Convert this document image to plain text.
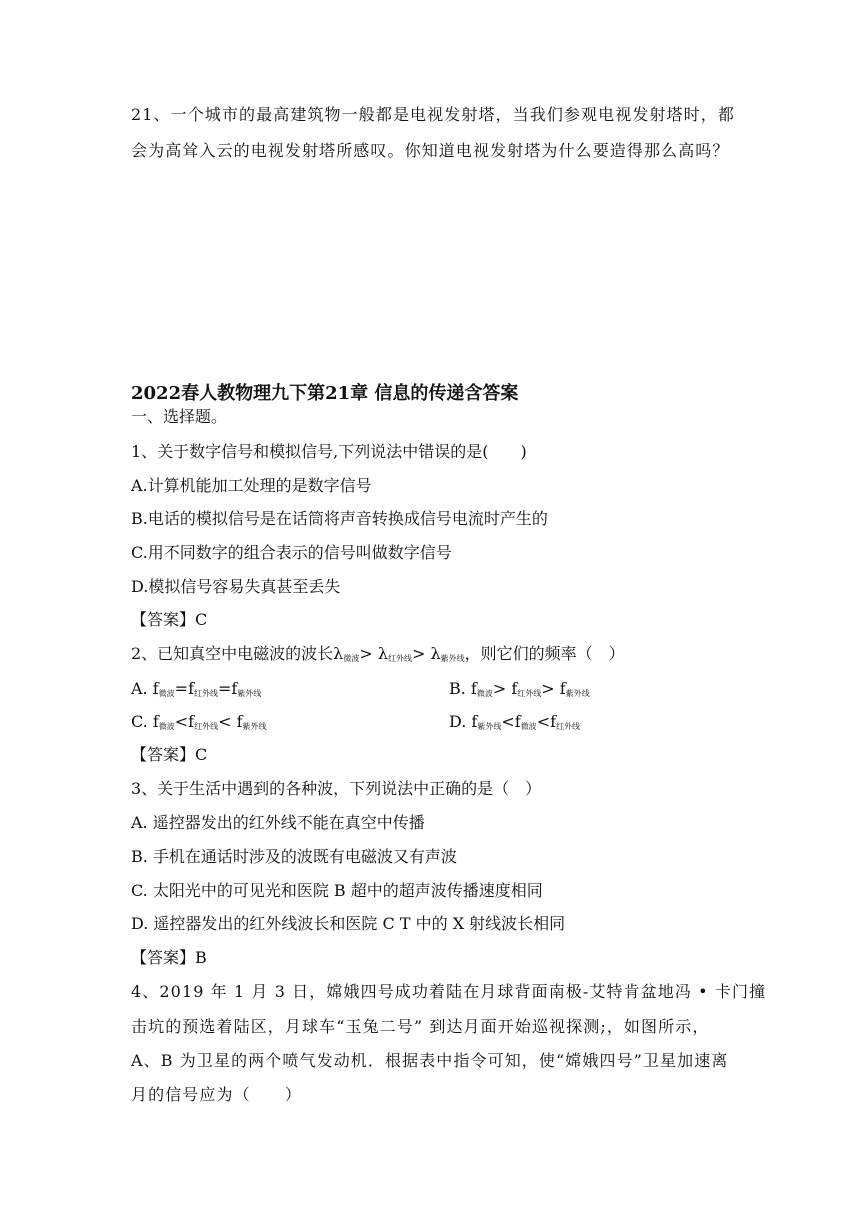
21、一个城市的最高建筑物一般都是电视发射塔，当我们参观电视发射塔时，都
会为高耸入云的电视发射塔所感叹。你知道电视发射塔为什么要造得那么高吗？
2022春人教物理九下第21章 信息的传递含答案
一、选择题。
1、关于数字信号和模拟信号,下列说法中错误的是(　　)
A.计算机能加工处理的是数字信号
B.电话的模拟信号是在话筒将声音转换成信号电流时产生的
C.用不同数字的组合表示的信号叫做数字信号
D.模拟信号容易失真甚至丢失
【答案】C
2、已知真空中电磁波的波长$\lambda_{微波}> \lambda_{红外线}> \lambda_{紫外线}$，则它们的频率（　）
A. $f_{微波}=f_{红外线}=f_{紫外线}$	B. $f_{微波}> f_{红外线}> f_{紫外线}$
C. $f_{微波}<f_{红外线}< f_{紫外线}$	D. $f_{紫外线}<f_{微波}<f_{红外线}$
【答案】C
3、关于生活中遇到的各种波，下列说法中正确的是（　）
A. 遥控器发出的红外线不能在真空中传播
B. 手机在通话时涉及的波既有电磁波又有声波
C. 太阳光中的可见光和医院 B 超中的超声波传播速度相同
D. 遥控器发出的红外线波长和医院 C T 中的 X 射线波长相同
【答案】B
4、2019 年 1 月 3 日，嫦娥四号成功着陆在月球背面南极-艾特肯盆地冯 • 卡门撞
击坑的预选着陆区，月球车“玉兔二号” 到达月面开始巡视探测;，如图所示，
A、B 为卫星的两个喷气发动机．根据表中指令可知，使“嫦娥四号”卫星加速离
月的信号应为（　　）
